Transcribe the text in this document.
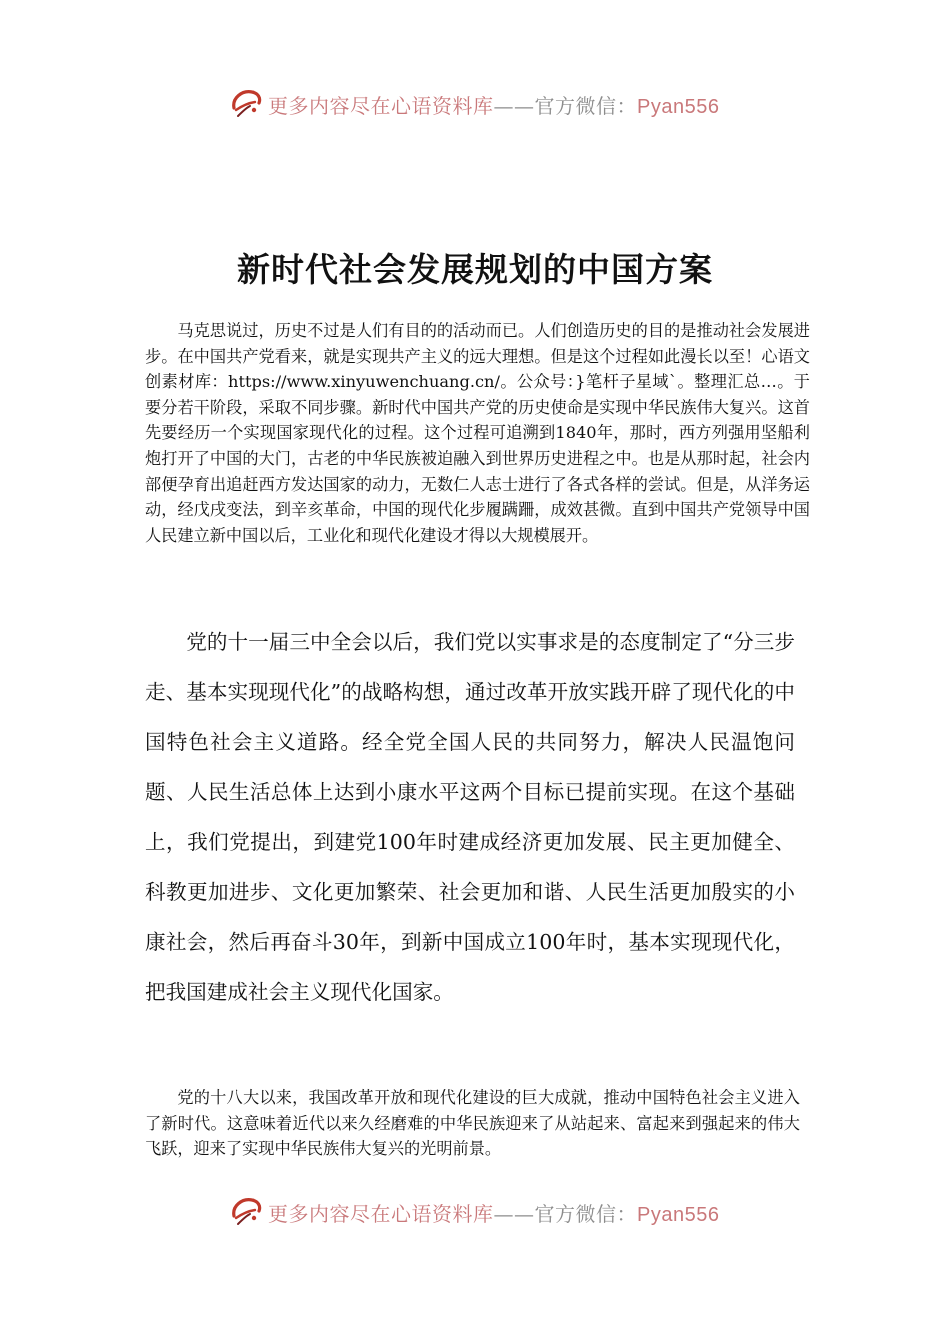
更多内容尽在心语资料库——官方微信：Pyan556
新时代社会发展规划的中国方案

马克思说过，历史不过是人们有目的的活动而已。人们创造历史的目的是推动社会发展进步。在中国共产党看来，就是实现共产主义的远大理想。但是这个过程如此漫长以至！心语文创素材库：https://www.xinyuwenchuang.cn/。公众号：}笔杆子星域`。整理汇总…。于要分若干阶段，采取不同步骤。新时代中国共产党的历史使命是实现中华民族伟大复兴。这首先要经历一个实现国家现代化的过程。这个过程可追溯到1840年，那时，西方列强用坚船利炮打开了中国的大门，古老的中华民族被迫融入到世界历史进程之中。也是从那时起，社会内部便孕育出追赶西方发达国家的动力，无数仁人志士进行了各式各样的尝试。但是，从洋务运动，经戊戌变法，到辛亥革命，中国的现代化步履蹒跚，成效甚微。直到中国共产党领导中国人民建立新中国以后，工业化和现代化建设才得以大规模展开。

党的十一届三中全会以后，我们党以实事求是的态度制定了“分三步走、基本实现现代化”的战略构想，通过改革开放实践开辟了现代化的中国特色社会主义道路。经全党全国人民的共同努力，解决人民温饱问题、人民生活总体上达到小康水平这两个目标已提前实现。在这个基础上，我们党提出，到建党100年时建成经济更加发展、民主更加健全、科教更加进步、文化更加繁荣、社会更加和谐、人民生活更加殷实的小康社会，然后再奋斗30年，到新中国成立100年时，基本实现现代化，把我国建成社会主义现代化国家。

党的十八大以来，我国改革开放和现代化建设的巨大成就，推动中国特色社会主义进入了新时代。这意味着近代以来久经磨难的中华民族迎来了从站起来、富起来到强起来的伟大飞跃，迎来了实现中华民族伟大复兴的光明前景。

更多内容尽在心语资料库——官方微信：Pyan556
